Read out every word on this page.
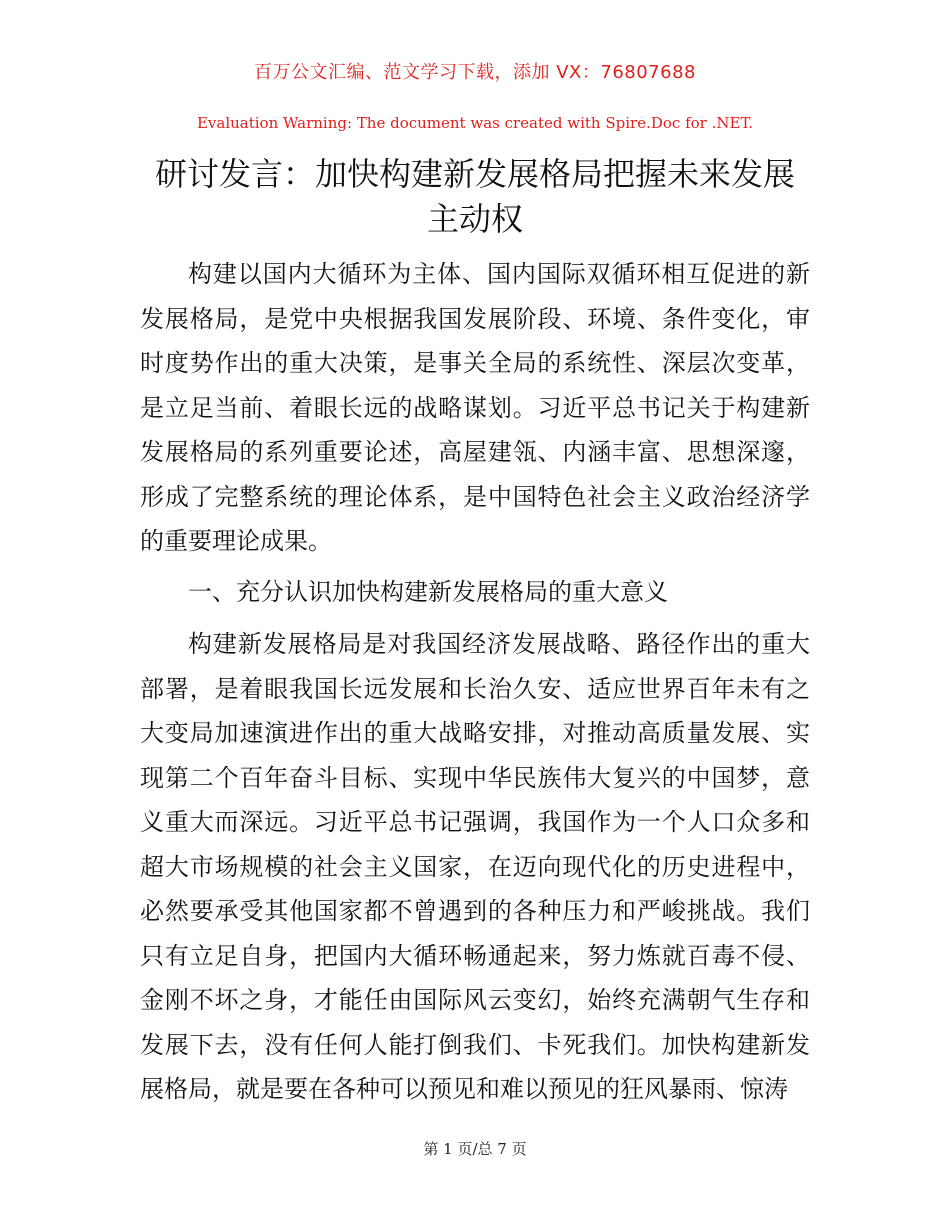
百万公文汇编、范文学习下载，添加 VX：76807688
Evaluation Warning: The document was created with Spire.Doc for .NET.
研讨发言：加快构建新发展格局把握未来发展主动权

构建以国内大循环为主体、国内国际双循环相互促进的新发展格局，是党中央根据我国发展阶段、环境、条件变化，审时度势作出的重大决策，是事关全局的系统性、深层次变革，是立足当前、着眼长远的战略谋划。习近平总书记关于构建新发展格局的系列重要论述，高屋建瓴、内涵丰富、思想深邃，形成了完整系统的理论体系，是中国特色社会主义政治经济学的重要理论成果。

一、充分认识加快构建新发展格局的重大意义

构建新发展格局是对我国经济发展战略、路径作出的重大部署，是着眼我国长远发展和长治久安、适应世界百年未有之大变局加速演进作出的重大战略安排，对推动高质量发展、实现第二个百年奋斗目标、实现中华民族伟大复兴的中国梦，意义重大而深远。习近平总书记强调，我国作为一个人口众多和超大市场规模的社会主义国家，在迈向现代化的历史进程中，必然要承受其他国家都不曾遇到的各种压力和严峻挑战。我们只有立足自身，把国内大循环畅通起来，努力炼就百毒不侵、金刚不坏之身，才能任由国际风云变幻，始终充满朝气生存和发展下去，没有任何人能打倒我们、卡死我们。加快构建新发展格局，就是要在各种可以预见和难以预见的狂风暴雨、惊涛

第 1 页/总 7 页
